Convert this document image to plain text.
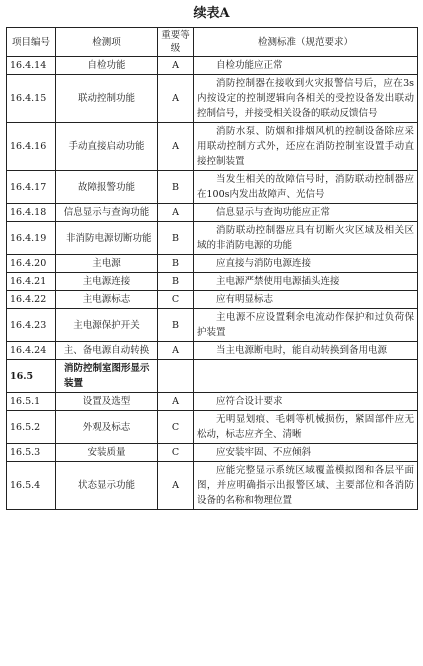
续表A
项目编号	检测项	重要等级	检测标准（规范要求）
16.4.14	自检功能	A	自检功能应正常
16.4.15	联动控制功能	A	消防控制器在接收到火灾报警信号后，应在3s内按设定的控制逻辑向各相关的受控设备发出联动控制信号，并接受相关设备的联动反馈信号
16.4.16	手动直接启动功能	A	消防水泵、防烟和排烟风机的控制设备除应采用联动控制方式外，还应在消防控制室设置手动直接控制装置
16.4.17	故障报警功能	B	当发生相关的故障信号时，消防联动控制器应在100s内发出故障声、光信号
16.4.18	信息显示与查询功能	A	信息显示与查询功能应正常
16.4.19	非消防电源切断功能	B	消防联动控制器应具有切断火灾区域及相关区域的非消防电源的功能
16.4.20	主电源	B	应直接与消防电源连接
16.4.21	主电源连接	B	主电源严禁使用电源插头连接
16.4.22	主电源标志	C	应有明显标志
16.4.23	主电源保护开关	B	主电源不应设置剩余电流动作保护和过负荷保护装置
16.4.24	主、备电源自动转换	A	当主电源断电时，能自动转换到备用电源
16.5	消防控制室图形显示装置		
16.5.1	设置及选型	A	应符合设计要求
16.5.2	外观及标志	C	无明显划痕、毛刺等机械损伤，紧固部件应无松动，标志应齐全、清晰
16.5.3	安装质量	C	应安装牢固、不应倾斜
16.5.4	状态显示功能	A	应能完整显示系统区域覆盖模拟图和各层平面图，并应明确指示出报警区域、主要部位和各消防设备的名称和物理位置
